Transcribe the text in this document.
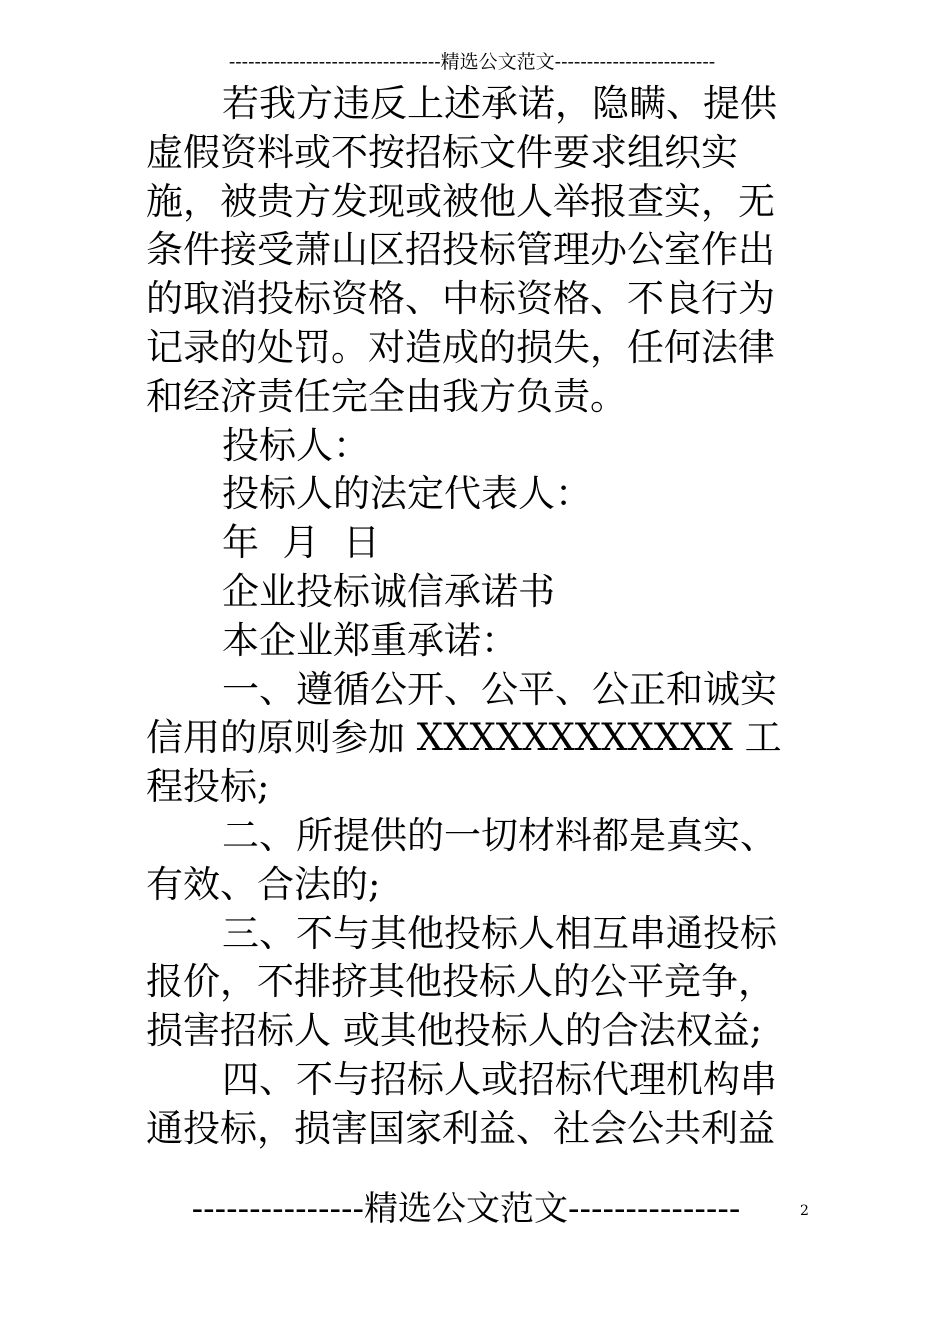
---------------------------------精选公文范文-------------------------

若我方违反上述承诺，隐瞒、提供虚假资料或不按招标文件要求组织实施，被贵方发现或被他人举报查实，无条件接受萧山区招投标管理办公室作出的取消投标资格、中标资格、不良行为记录的处罚。对造成的损失，任何法律和经济责任完全由我方负责。

投标人：

投标人的法定代表人：

年  月  日

企业投标诚信承诺书

本企业郑重承诺：

一、遵循公开、公平、公正和诚实信用的原则参加 XXXXXXXXXXXX 工程投标;

二、所提供的一切材料都是真实、有效、合法的;

三、不与其他投标人相互串通投标报价，不排挤其他投标人的公平竞争，损害招标人 或其他投标人的合法权益;

四、不与招标人或招标代理机构串通投标，损害国家利益、社会公共利益

---------------精选公文范文---------------	2
